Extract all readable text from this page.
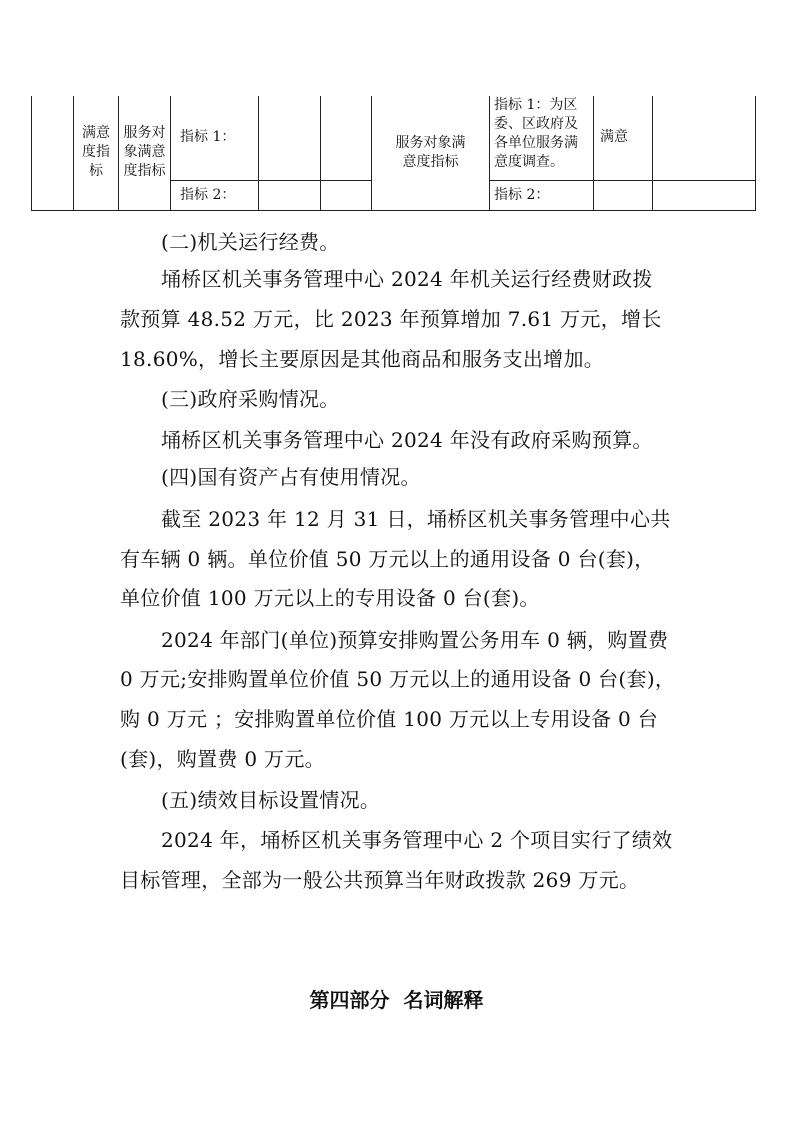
	满意度指标	服务对象满意度指标	指标 1：			服务对象满意度指标	指标 1：为区委、区政府及各单位服务满意度调查。	满意	
			指标 2：				指标 2：		
(二)机关运行经费。
埇桥区机关事务管理中心 2024 年机关运行经费财政拨
款预算 48.52 万元，比 2023 年预算增加 7.61 万元，增长
18.60%，增长主要原因是其他商品和服务支出增加。
(三)政府采购情况。
埇桥区机关事务管理中心 2024 年没有政府采购预算。
(四)国有资产占有使用情况。
截至 2023 年 12 月 31 日，埇桥区机关事务管理中心共
有车辆 0 辆。单位价值 50 万元以上的通用设备 0 台(套)，
单位价值 100 万元以上的专用设备 0 台(套)。
2024 年部门(单位)预算安排购置公务用车 0 辆，购置费
0 万元;安排购置单位价值 50 万元以上的通用设备 0 台(套)，
购 0 万元 ；安排购置单位价值 100 万元以上专用设备 0 台
(套)，购置费 0 万元。
(五)绩效目标设置情况。
2024 年，埇桥区机关事务管理中心 2 个项目实行了绩效
目标管理，全部为一般公共预算当年财政拨款 269 万元。
第四部分  名词解释
